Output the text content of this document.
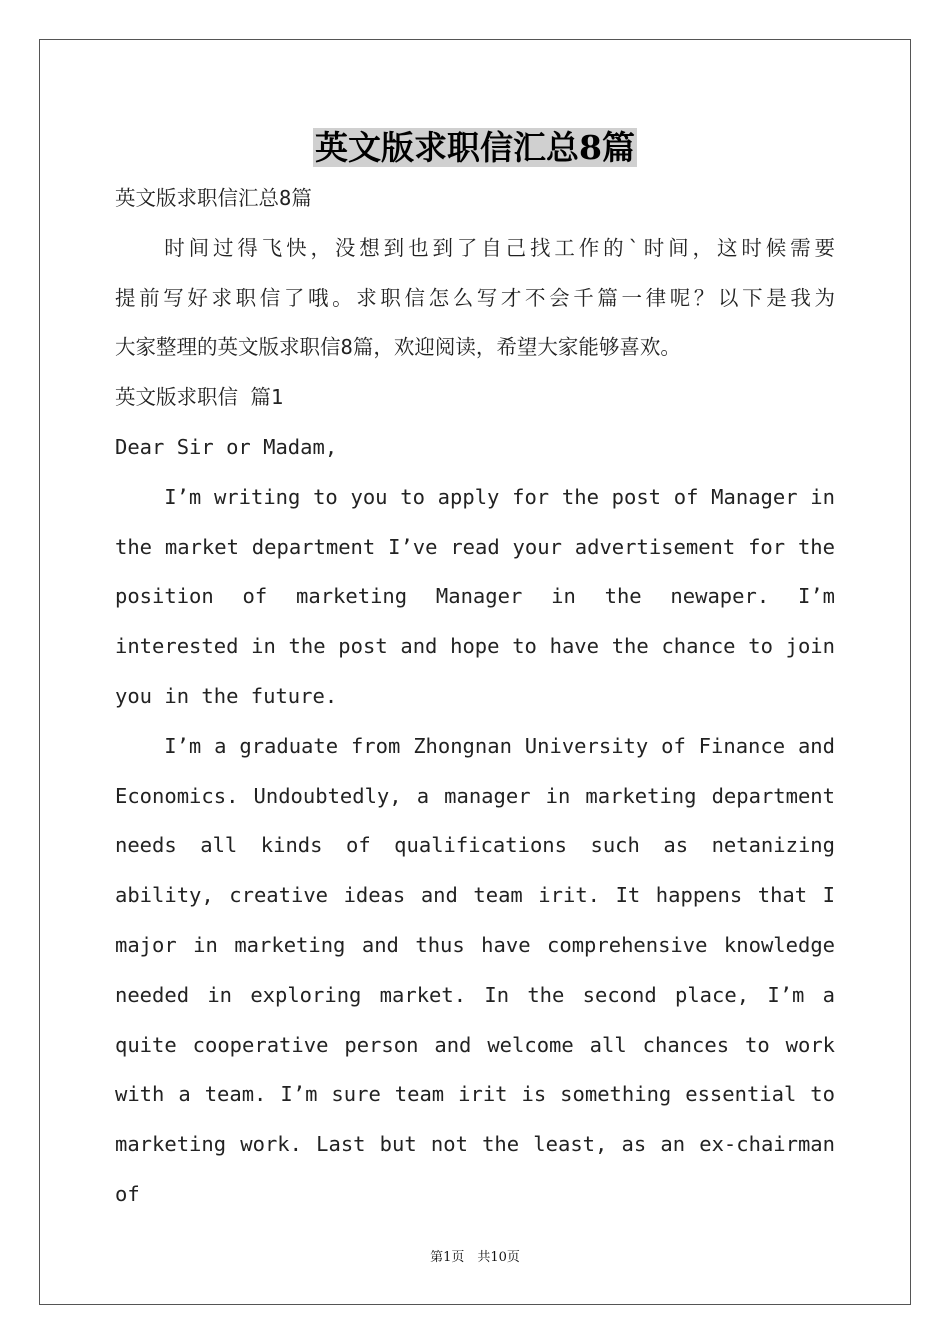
英文版求职信汇总8篇
英文版求职信汇总8篇
时间过得飞快，没想到也到了自己找工作的`时间，这时候需要
提前写好求职信了哦。求职信怎么写才不会千篇一律呢？以下是我为
大家整理的英文版求职信8篇，欢迎阅读，希望大家能够喜欢。
英文版求职信 篇1
Dear Sir or Madam,
I’m writing to you to apply for the post of Manager in
the market department I’ve read your advertisement for the
position of marketing Manager in the newaper. I’m
interested in the post and hope to have the chance to join
you in the future.
I’m a graduate from Zhongnan University of Finance and
Economics. Undoubtedly, a manager in marketing department
needs all kinds of qualifications such as netanizing
ability, creative ideas and team irit. It happens that I
major in marketing and thus have comprehensive knowledge
needed in exploring market. In the second place, I’m a
quite cooperative person and welcome all chances to work
with a team. I’m sure team irit is something essential to
marketing work. Last but not the least, as an ex-chairman of
第1页　共10页
